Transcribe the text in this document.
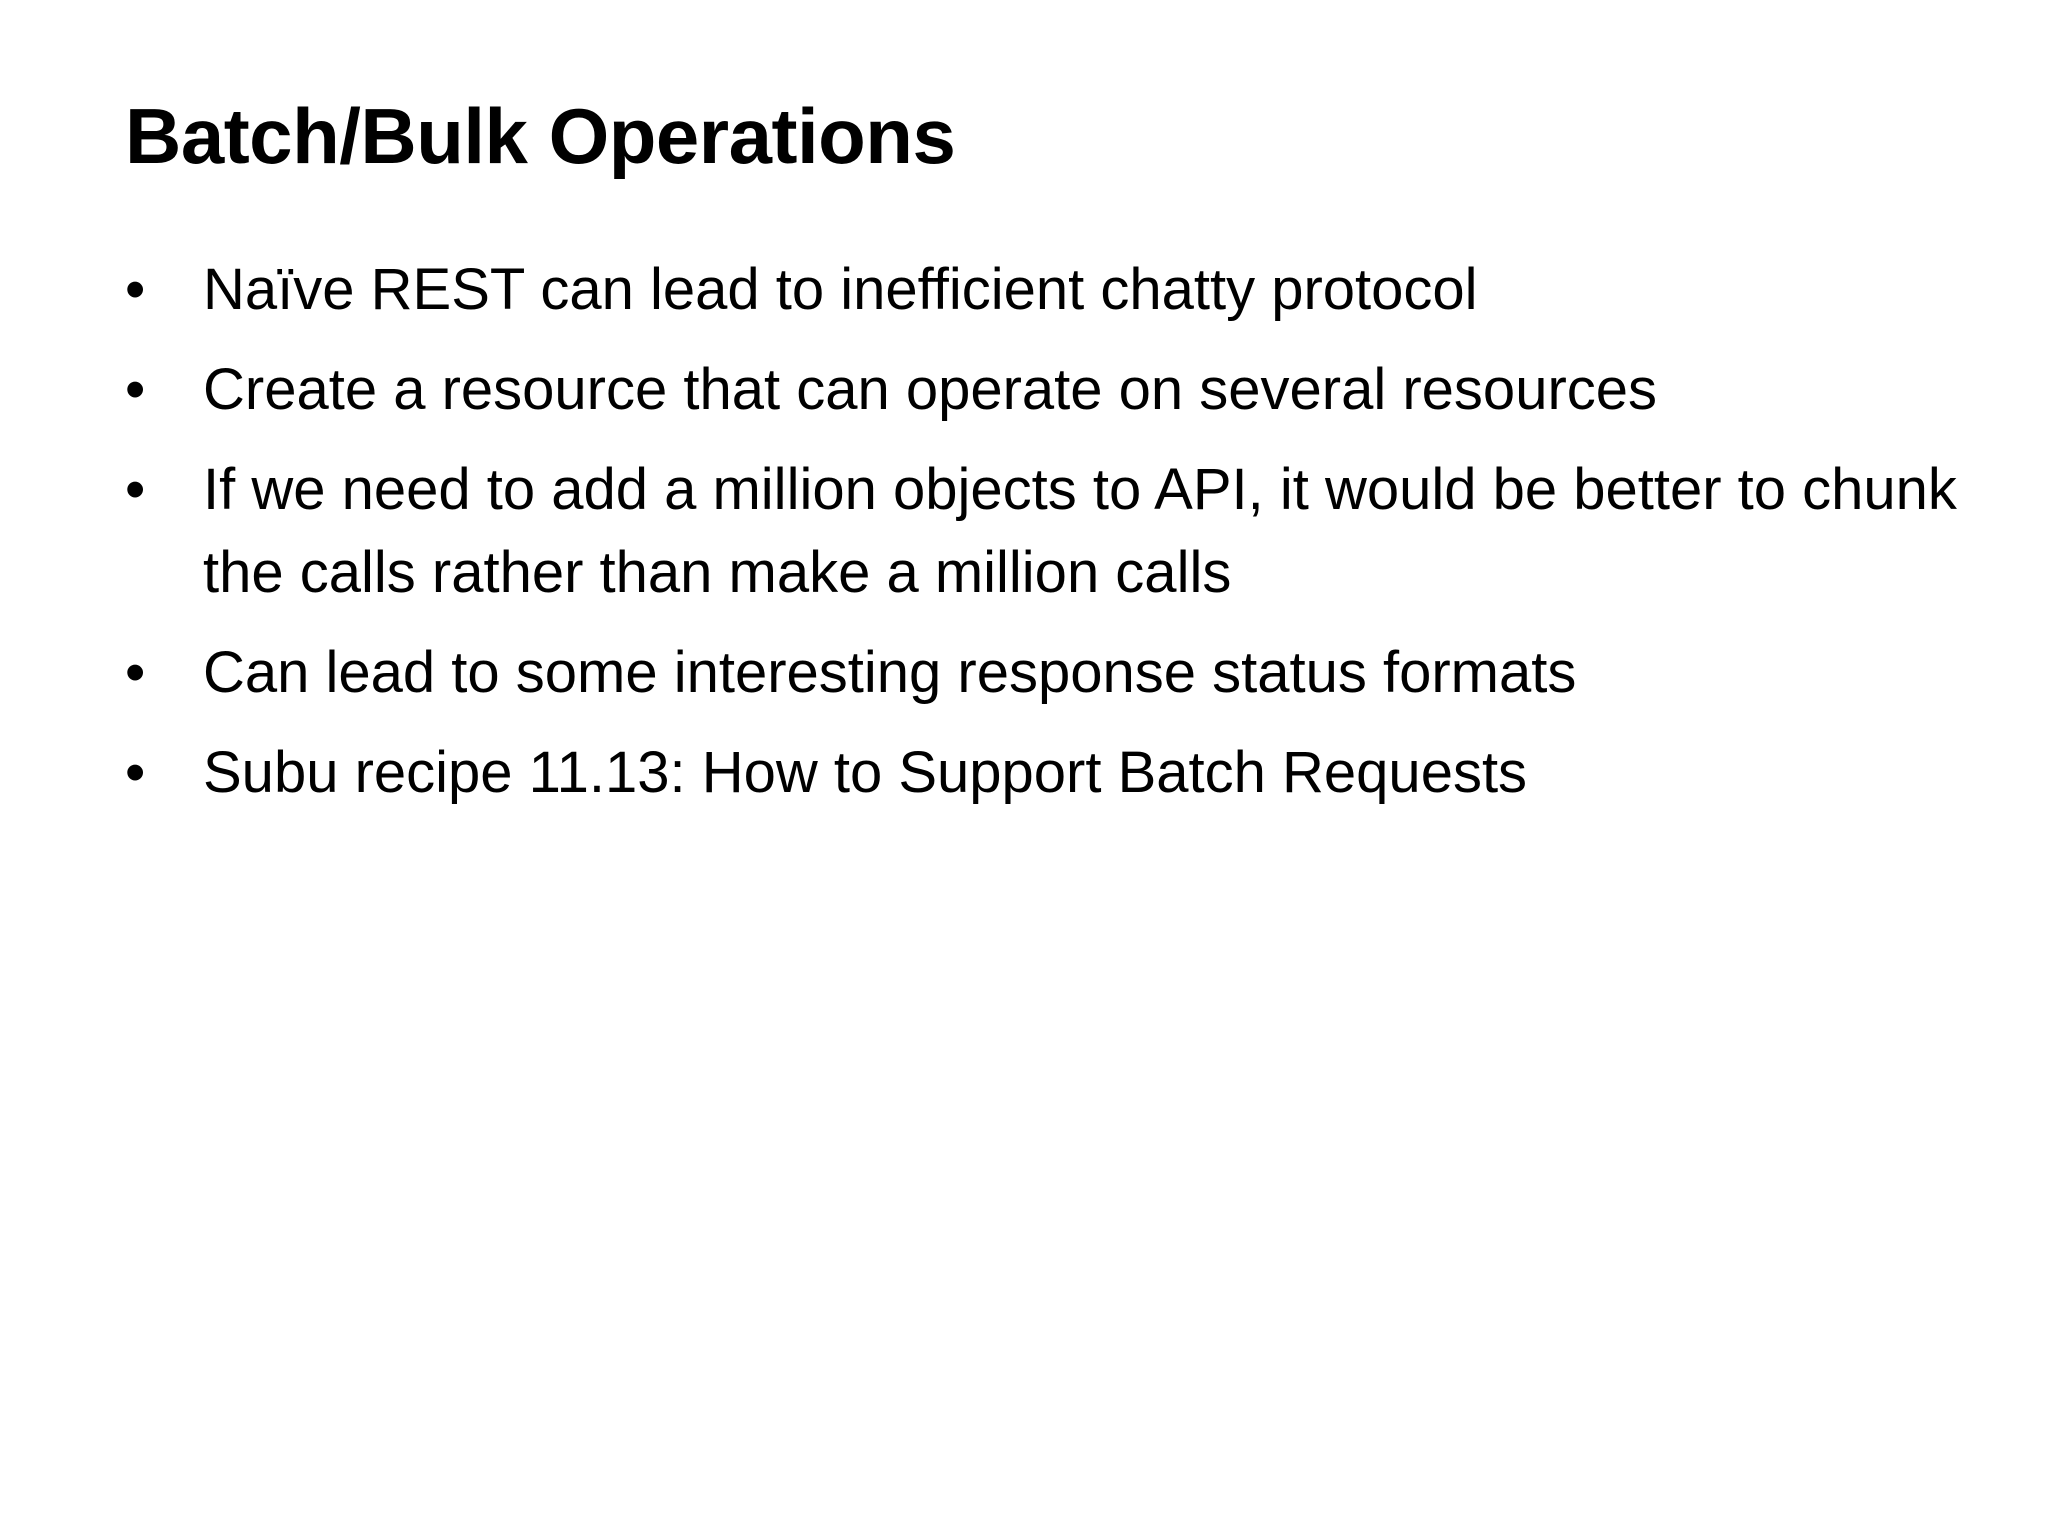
Batch/Bulk Operations
• Naïve REST can lead to inefficient chatty protocol
• Create a resource that can operate on several resources
• If we need to add a million objects to API, it would be better to chunk the calls rather than make a million calls
• Can lead to some interesting response status formats
• Subu recipe 11.13: How to Support Batch Requests
